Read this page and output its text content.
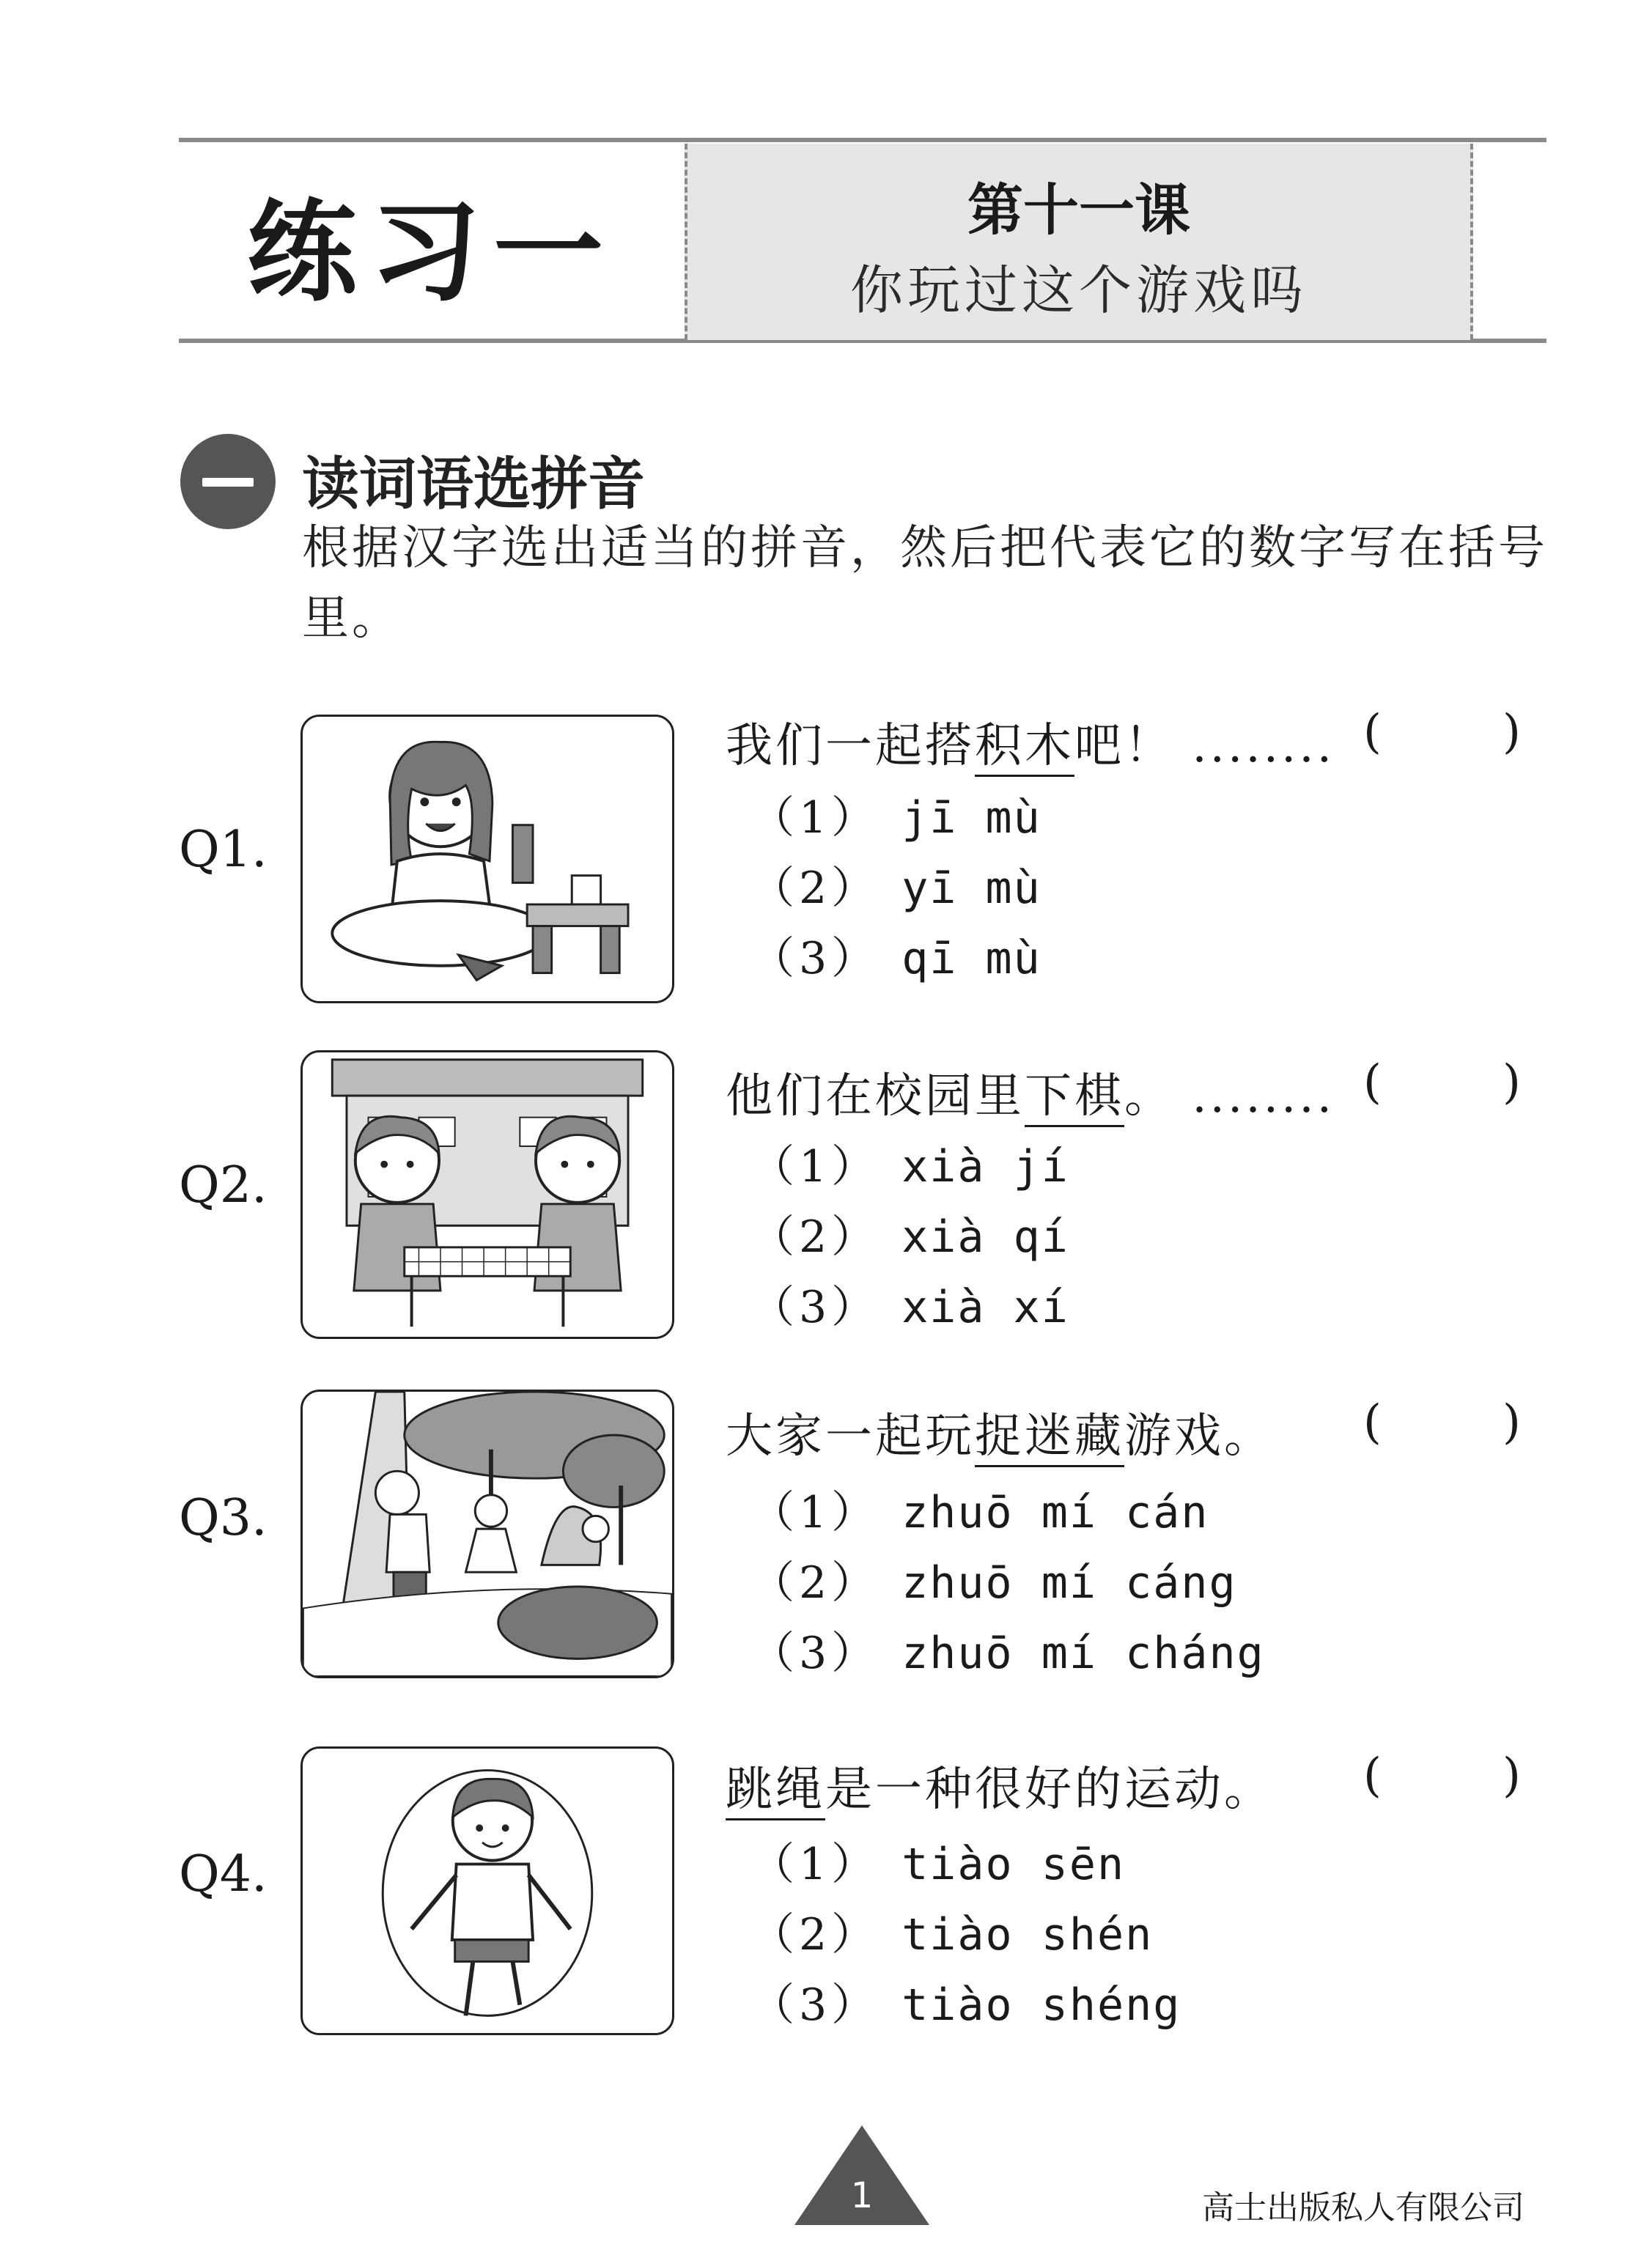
练习一	第十一课
你玩过这个游戏吗
读词语选拼音
根据汉字选出适当的拼音，然后把代表它的数字写在括号里。
Q1.
我们一起搭积木吧！ ........ (	)
（1） jī mù
（2） yī mù
（3） qī mù
Q2.
他们在校园里下棋。 ........ (	)
（1） xià jí
（2） xià qí
（3） xià xí
Q3.
大家一起玩捉迷藏游戏。 (	)
（1） zhuō mí cán
（2） zhuō mí cáng
（3） zhuō mí cháng
Q4.
跳绳是一种很好的运动。 (	)
（1） tiào sēn
（2） tiào shén
（3） tiào shéng
1	高士出版私人有限公司
